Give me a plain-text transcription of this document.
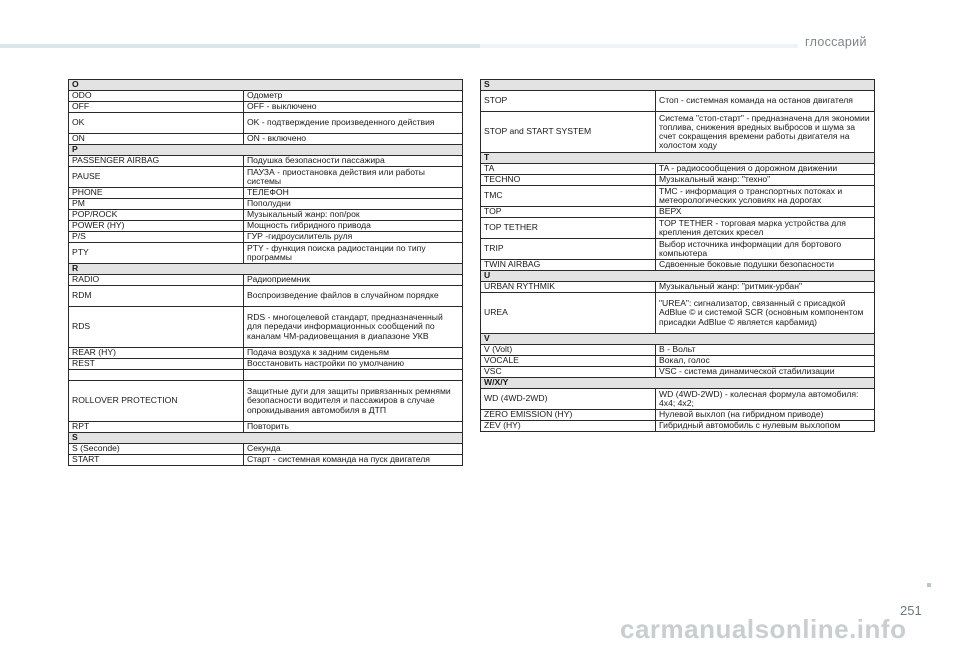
глоссарий
O	
ODO	Одометр
OFF	OFF - выключено
OK	OK - подтверждение произведенного действия
ON	ON - включено
P	
PASSENGER AIRBAG	Подушка безопасности пассажира
PAUSE	ПАУЗА - приостановка действия или работы системы
PHONE	ТЕЛЕФОН
PM	Пополудни
POP/ROCK	Музыкальный жанр: поп/рок
POWER (HY)	Мощность гибридного привода
P/S	ГУР -гидроусилитель руля
PTY	PTY - функция поиска радиостанции по типу программы
R	
RADIO	Радиоприемник
RDM	Воспроизведение файлов в случайном порядке
RDS	RDS - многоцелевой стандарт, предназначенный для передачи информационных сообщений по каналам ЧМ-радиовещания в диапазоне УКВ
REAR (HY)	Подача воздуха к задним сиденьям
REST	Восстановить настройки по умолчанию

ROLLOVER PROTECTION	Защитные дуги для защиты привязанных ремнями безопасности водителя и пассажиров в случае опрокидывания автомобиля в ДТП
RPT	Повторить
S	
S (Seconde)	Секунда
START	Старт - системная команда на пуск двигателя
S	
STOP	Стоп - системная команда на останов двигателя
STOP and START SYSTEM	Система "стоп-старт" - предназначена для экономии топлива, снижения вредных выбросов и шума за счет сокращения времени работы двигателя на холостом ходу
T	
TA	TA - радиосообщения о дорожном движении
TECHNO	Музыкальный жанр: "техно"
TMC	TMC - информация о транспортных потоках и метеорологических условиях на дорогах
TOP	ВЕРХ
TOP TETHER	TOP TETHER - торговая марка устройства для крепления детских кресел
TRIP	Выбор источника информации для бортового компьютера
TWIN AIRBAG	Сдвоенные боковые подушки безопасности
U	
URBAN RYTHMIK	Музыкальный жанр: "ритмик-урбан"
UREA	"UREA": сигнализатор, связанный с присадкой AdBlue © и системой SCR (основным компонентом присадки AdBlue © является карбамид)
V	
V (Volt)	В - Вольт
VOCALE	Вокал, голос
VSC	VSC - система динамической стабилизации
W/X/Y	
WD (4WD-2WD)	WD (4WD-2WD) - колесная формула автомобиля: 4x4; 4x2;
ZERO EMISSION (HY)	Нулевой выхлоп (на гибридном приводе)
ZEV (HY)	Гибридный автомобиль с нулевым выхлопом
251
carmanualsonline.info
